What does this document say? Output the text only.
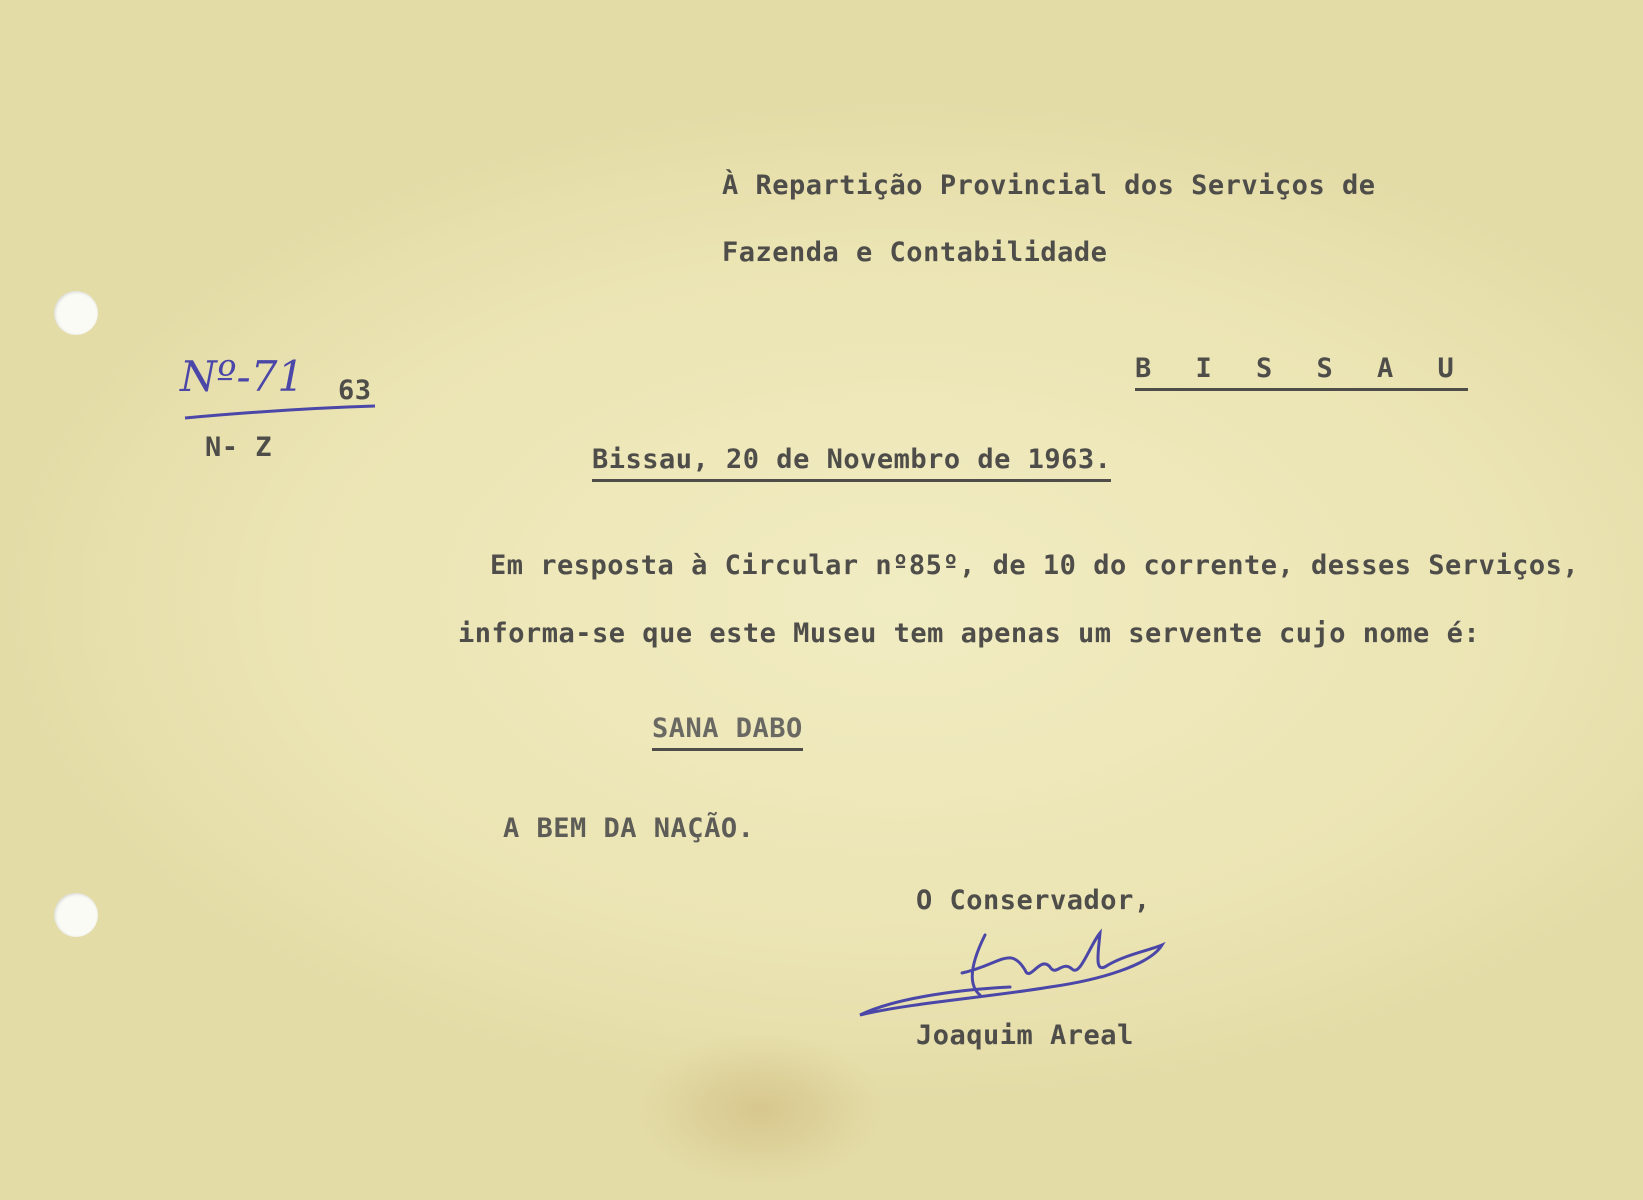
À Repartição Provincial dos Serviços de
Fazenda e Contabilidade
B I S S A U
Nº-71 63
N- Z	Bissau, 20 de Novembro de 1963.
Em resposta à Circular nº85º, de 10 do corrente, desses Serviços,
informa-se que este Museu tem apenas um servente cujo nome é:
SANA DABO
A BEM DA NAÇÃO.
O Conservador,
Joaquim Areal
